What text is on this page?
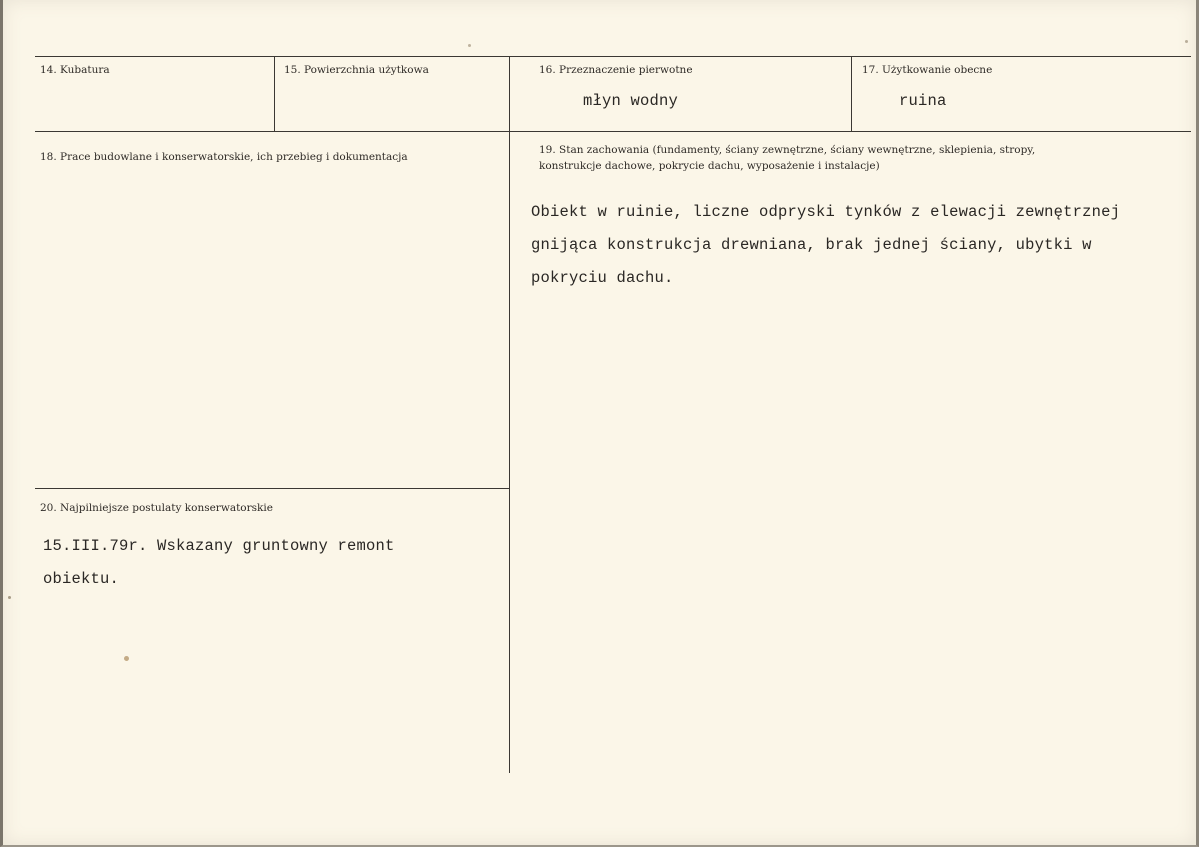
14. Kubatura	15. Powierzchnia użytkowa	16. Przeznaczenie pierwotne
młyn wodny
17. Użytkowanie obecne
ruina
18. Prace budowlane i konserwatorskie, ich przebieg i dokumentacja
19. Stan zachowania (fundamenty, ściany zewnętrzne, ściany wewnętrzne, sklepienia, stropy,
konstrukcje dachowe, pokrycie dachu, wyposażenie i instalacje)
Obiekt w ruinie, liczne odpryski tynków z elewacji zewnętrznej
gnijąca konstrukcja drewniana, brak jednej ściany, ubytki w
pokryciu dachu.
20. Najpilniejsze postulaty konserwatorskie
15.III.79r. Wskazany gruntowny remont
obiektu.
